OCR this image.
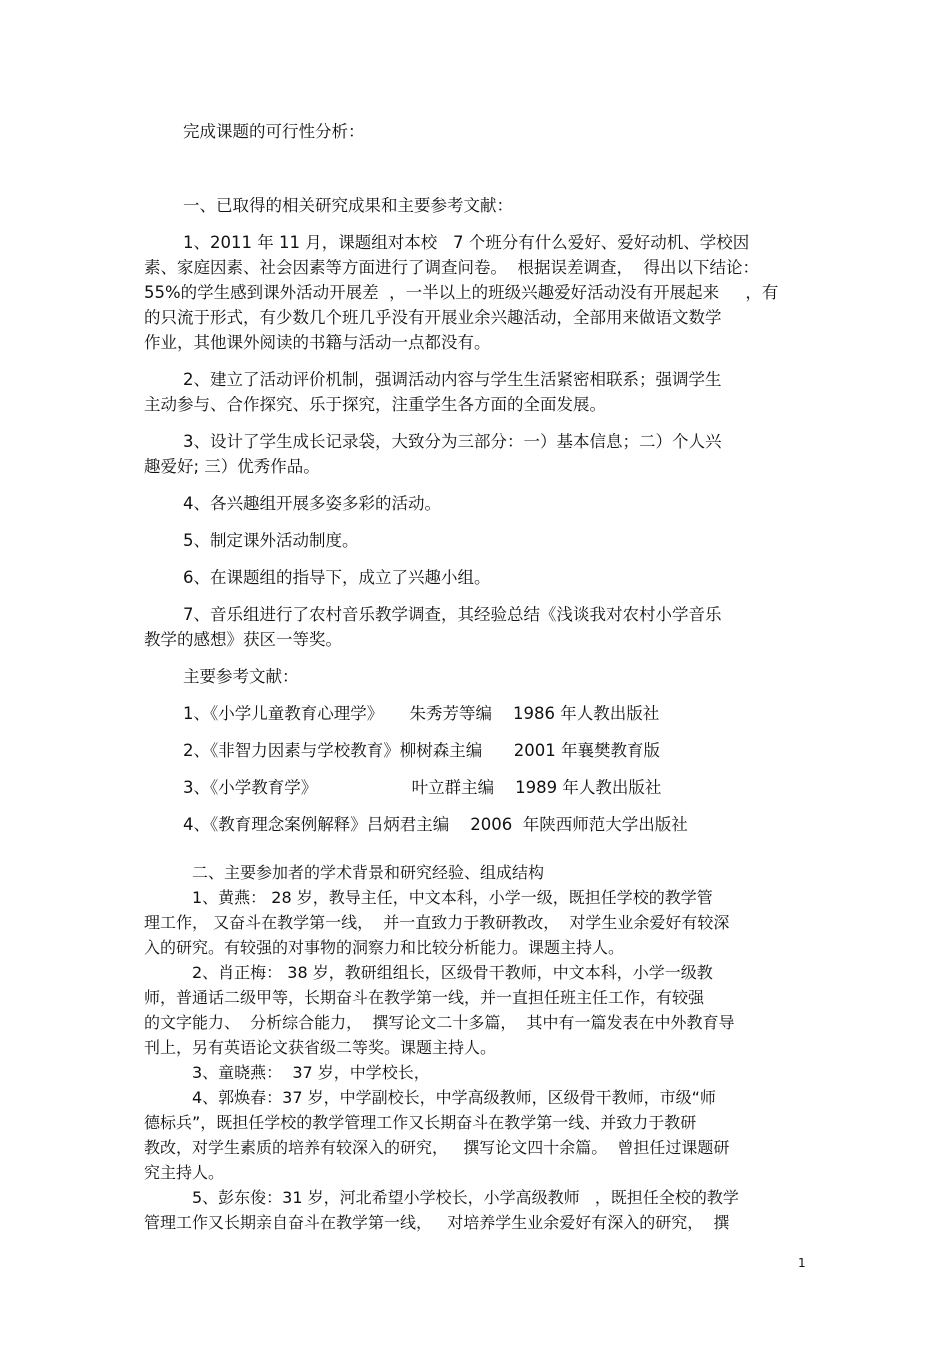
完成课题的可行性分析：
一、已取得的相关研究成果和主要参考文献：
1、2011 年 11 月，课题组对本校   7 个班分有什么爱好、爱好动机、学校因
素、家庭因素、社会因素等方面进行了调查问卷。  根据误差调查，  得出以下结论：
55%的学生感到课外活动开展差  ，一半以上的班级兴趣爱好活动没有开展起来     ，有
的只流于形式，有少数几个班几乎没有开展业余兴趣活动，全部用来做语文数学
作业，其他课外阅读的书籍与活动一点都没有。
2、建立了活动评价机制，强调活动内容与学生生活紧密相联系；强调学生
主动参与、合作探究、乐于探究，注重学生各方面的全面发展。
3、设计了学生成长记录袋，大致分为三部分：一）基本信息；二）个人兴
趣爱好; 三）优秀作品。
4、各兴趣组开展多姿多彩的活动。
5、制定课外活动制度。
6、在课题组的指导下，成立了兴趣小组。
7、音乐组进行了农村音乐教学调查，其经验总结《浅谈我对农村小学音乐
教学的感想》获区一等奖。
主要参考文献：
1、《小学儿童教育心理学》     朱秀芳等编    1986 年人教出版社
2、《非智力因素与学校教育》柳树森主编      2001 年襄樊教育版
3、《小学教育学》                  叶立群主编    1989 年人教出版社
4、《教育理念案例解释》吕炳君主编    2006  年陕西师范大学出版社
二、主要参加者的学术背景和研究经验、组成结构
1、黄燕： 28 岁，教导主任，中文本科，小学一级，既担任学校的教学管
理工作， 又奋斗在教学第一线，  并一直致力于教研教改，  对学生业余爱好有较深
入的研究。有较强的对事物的洞察力和比较分析能力。课题主持人。
2、肖正梅： 38 岁，教研组组长，区级骨干教师，中文本科，小学一级教
师，普通话二级甲等，长期奋斗在教学第一线，并一直担任班主任工作，有较强
的文字能力、  分析综合能力，  撰写论文二十多篇，  其中有一篇发表在中外教育导
刊上，另有英语论文获省级二等奖。课题主持人。
3、童晓燕：  37 岁，中学校长，
4、郭焕春：37 岁，中学副校长，中学高级教师，区级骨干教师，市级“师
德标兵”，既担任学校的教学管理工作又长期奋斗在教学第一线、并致力于教研
教改，对学生素质的培养有较深入的研究，   撰写论文四十余篇。  曾担任过课题研
究主持人。
5、彭东俊：31 岁，河北希望小学校长，小学高级教师   ，既担任全校的教学
管理工作又长期亲自奋斗在教学第一线，   对培养学生业余爱好有深入的研究，  撰
1
